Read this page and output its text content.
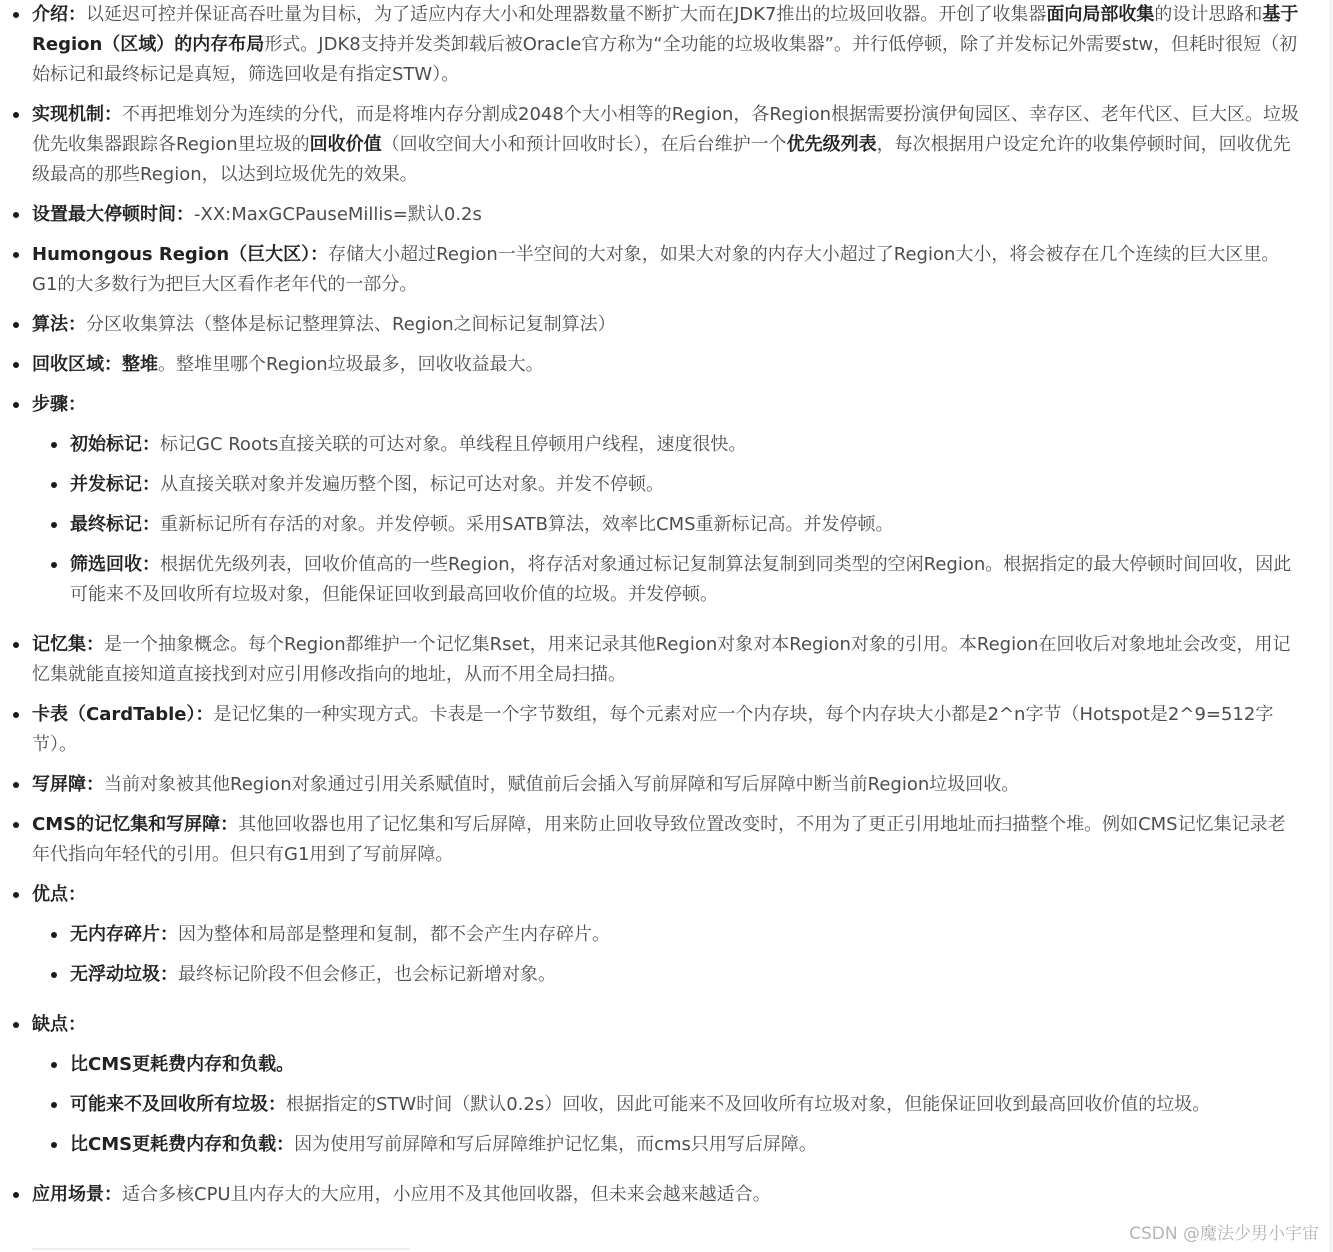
介绍：以延迟可控并保证高吞吐量为目标，为了适应内存大小和处理器数量不断扩大而在JDK7推出的垃圾回收器。开创了收集器面向局部收集的设计思路和基于Region（区域）的内存布局形式。JDK8支持并发类卸载后被Oracle官方称为“全功能的垃圾收集器”。并行低停顿，除了并发标记外需要stw，但耗时很短（初始标记和最终标记是真短，筛选回收是有指定STW）。
实现机制：不再把堆划分为连续的分代，而是将堆内存分割成2048个大小相等的Region，各Region根据需要扮演伊甸园区、幸存区、老年代区、巨大区。垃圾优先收集器跟踪各Region里垃圾的回收价值（回收空间大小和预计回收时长），在后台维护一个优先级列表，每次根据用户设定允许的收集停顿时间，回收优先级最高的那些Region，以达到垃圾优先的效果。
设置最大停顿时间：-XX:MaxGCPauseMillis=默认0.2s
Humongous Region（巨大区）：存储大小超过Region一半空间的大对象，如果大对象的内存大小超过了Region大小，将会被存在几个连续的巨大区里。G1的大多数行为把巨大区看作老年代的一部分。
算法：分区收集算法（整体是标记整理算法、Region之间标记复制算法）
回收区域：整堆。整堆里哪个Region垃圾最多，回收收益最大。
步骤：
初始标记：标记GC Roots直接关联的可达对象。单线程且停顿用户线程，速度很快。
并发标记：从直接关联对象并发遍历整个图，标记可达对象。并发不停顿。
最终标记：重新标记所有存活的对象。并发停顿。采用SATB算法，效率比CMS重新标记高。并发停顿。
筛选回收：根据优先级列表，回收价值高的一些Region，将存活对象通过标记复制算法复制到同类型的空闲Region。根据指定的最大停顿时间回收，因此可能来不及回收所有垃圾对象，但能保证回收到最高回收价值的垃圾。并发停顿。
记忆集：是一个抽象概念。每个Region都维护一个记忆集Rset，用来记录其他Region对象对本Region对象的引用。本Region在回收后对象地址会改变，用记忆集就能直接知道直接找到对应引用修改指向的地址，从而不用全局扫描。
卡表（CardTable）：是记忆集的一种实现方式。卡表是一个字节数组，每个元素对应一个内存块，每个内存块大小都是2^n字节（Hotspot是2^9=512字节）。
写屏障：当前对象被其他Region对象通过引用关系赋值时，赋值前后会插入写前屏障和写后屏障中断当前Region垃圾回收。
CMS的记忆集和写屏障：其他回收器也用了记忆集和写后屏障，用来防止回收导致位置改变时，不用为了更正引用地址而扫描整个堆。例如CMS记忆集记录老年代指向年轻代的引用。但只有G1用到了写前屏障。
优点：
无内存碎片：因为整体和局部是整理和复制，都不会产生内存碎片。
无浮动垃圾：最终标记阶段不但会修正，也会标记新增对象。
缺点：
比CMS更耗费内存和负载。
可能来不及回收所有垃圾：根据指定的STW时间（默认0.2s）回收，因此可能来不及回收所有垃圾对象，但能保证回收到最高回收价值的垃圾。
比CMS更耗费内存和负载：因为使用写前屏障和写后屏障维护记忆集，而cms只用写后屏障。
应用场景：适合多核CPU且内存大的大应用，小应用不及其他回收器，但未来会越来越适合。
CSDN @魔法少男小宇宙
